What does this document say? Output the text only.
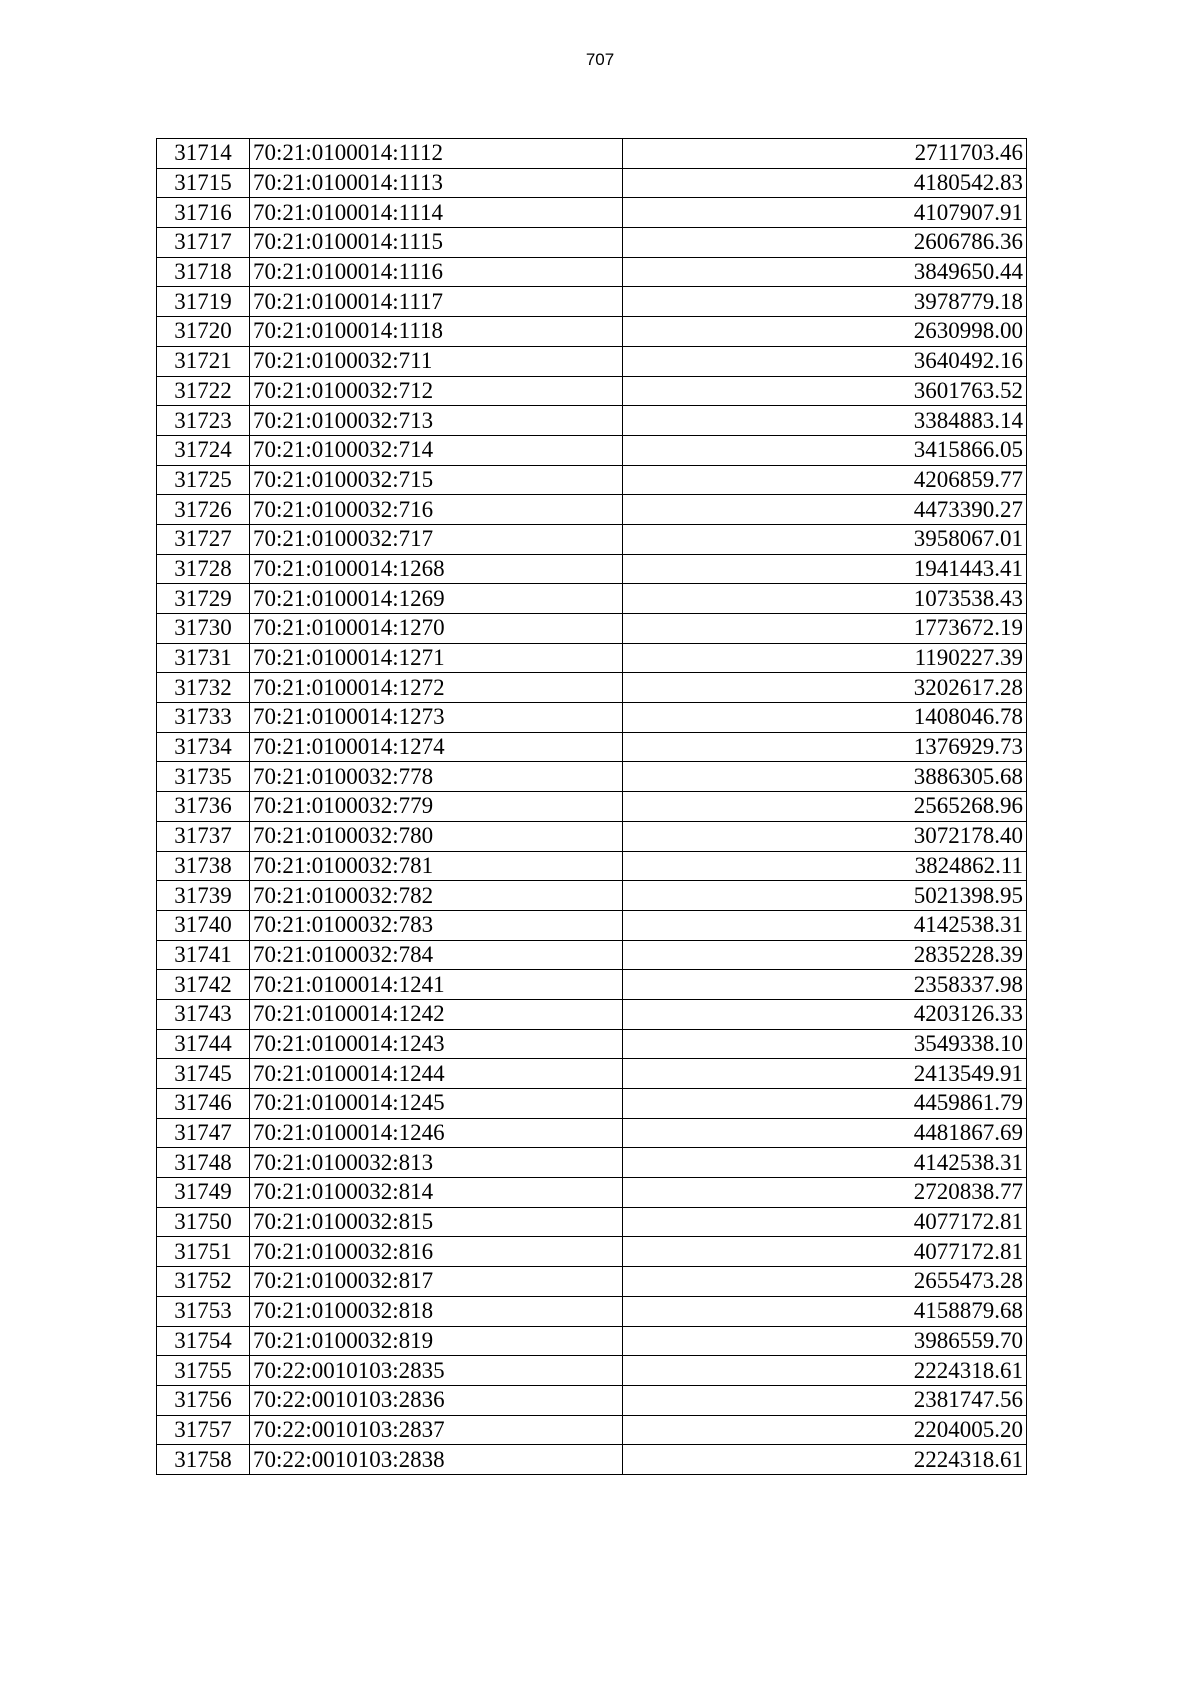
707
31714	70:21:0100014:1112	2711703.46
31715	70:21:0100014:1113	4180542.83
31716	70:21:0100014:1114	4107907.91
31717	70:21:0100014:1115	2606786.36
31718	70:21:0100014:1116	3849650.44
31719	70:21:0100014:1117	3978779.18
31720	70:21:0100014:1118	2630998.00
31721	70:21:0100032:711	3640492.16
31722	70:21:0100032:712	3601763.52
31723	70:21:0100032:713	3384883.14
31724	70:21:0100032:714	3415866.05
31725	70:21:0100032:715	4206859.77
31726	70:21:0100032:716	4473390.27
31727	70:21:0100032:717	3958067.01
31728	70:21:0100014:1268	1941443.41
31729	70:21:0100014:1269	1073538.43
31730	70:21:0100014:1270	1773672.19
31731	70:21:0100014:1271	1190227.39
31732	70:21:0100014:1272	3202617.28
31733	70:21:0100014:1273	1408046.78
31734	70:21:0100014:1274	1376929.73
31735	70:21:0100032:778	3886305.68
31736	70:21:0100032:779	2565268.96
31737	70:21:0100032:780	3072178.40
31738	70:21:0100032:781	3824862.11
31739	70:21:0100032:782	5021398.95
31740	70:21:0100032:783	4142538.31
31741	70:21:0100032:784	2835228.39
31742	70:21:0100014:1241	2358337.98
31743	70:21:0100014:1242	4203126.33
31744	70:21:0100014:1243	3549338.10
31745	70:21:0100014:1244	2413549.91
31746	70:21:0100014:1245	4459861.79
31747	70:21:0100014:1246	4481867.69
31748	70:21:0100032:813	4142538.31
31749	70:21:0100032:814	2720838.77
31750	70:21:0100032:815	4077172.81
31751	70:21:0100032:816	4077172.81
31752	70:21:0100032:817	2655473.28
31753	70:21:0100032:818	4158879.68
31754	70:21:0100032:819	3986559.70
31755	70:22:0010103:2835	2224318.61
31756	70:22:0010103:2836	2381747.56
31757	70:22:0010103:2837	2204005.20
31758	70:22:0010103:2838	2224318.61
